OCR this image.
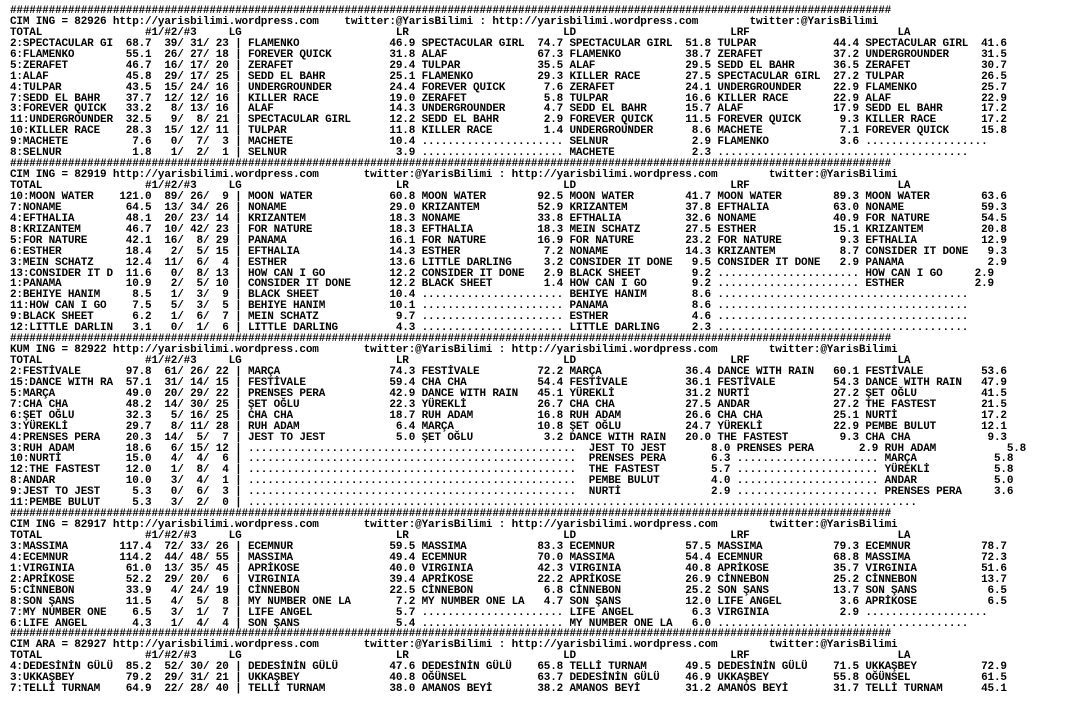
#########################################################################################################################################
CIM ING = 82926 http://yarisbilimi.wordpress.com    twitter:@YarisBilimi : http://yarisbilimi.wordpress.com        twitter:@YarisBilimi
TOTAL                #1/#2/#3     LG                        LR                        LD                        LRF                       LA
2:SPECTACULAR GI  68.7  39/ 31/ 23 | FLAMENKO              46.9 SPECTACULAR GIRL  74.7 SPECTACULAR GIRL  51.8 TULPAR            44.4 SPECTACULAR GIRL  41.6
6:FLAMENKO        55.1  26/ 27/ 18 | FOREVER QUICK         31.8 ALAF              67.3 FLAMENKO          38.7 ZERAFET           37.2 UNDERGROUNDER     31.5
5:ZERAFET         46.7  16/ 17/ 20 | ZERAFET               29.4 TULPAR            35.5 ALAF              29.5 SEDD EL BAHR      36.5 ZERAFET           30.7
1:ALAF            45.8  29/ 17/ 25 | SEDD EL BAHR          25.1 FLAMENKO          29.3 KILLER RACE       27.5 SPECTACULAR GIRL  27.2 TULPAR            26.5
4:TULPAR          43.5  15/ 24/ 16 | UNDERGROUNDER         24.4 FOREVER QUICK      7.6 ZERAFET           24.1 UNDERGROUNDER     22.9 FLAMENKO          25.7
7:SEDD EL BAHR    37.7  12/ 12/ 16 | KILLER RACE           19.0 ZERAFET            5.8 TULPAR            16.6 KILLER RACE       22.9 ALAF              22.9
3:FOREVER QUICK   33.2   8/ 13/ 16 | ALAF                  14.3 UNDERGROUNDER      4.7 SEDD EL BAHR      15.7 ALAF              17.9 SEDD EL BAHR      17.2
11:UNDERGROUNDER  32.5   9/  8/ 21 | SPECTACULAR GIRL      12.2 SEDD EL BAHR       2.9 FOREVER QUICK     11.5 FOREVER QUICK      9.3 KILLER RACE       17.2
10:KILLER RACE    28.3  15/ 12/ 11 | TULPAR                11.8 KILLER RACE        1.4 UNDERGROUNDER      8.6 MACHETE            7.1 FOREVER QUICK     15.8
9:MACHETE          7.6   0/  7/  3 | MACHETE               10.4 ...................... SELNUR             2.9 FLAMENKO           3.6 ...................
8:SELNUR           1.8   1/  2/  1 | SELNUR                 3.9 ...................... MACHETE            2.3 .......................................
#########################################################################################################################################
CIM ING = 82919 http://yarisbilimi.wordpress.com       twitter:@YarisBilimi : http://yarisbilimi.wordpress.com        twitter:@YarisBilimi
TOTAL                #1/#2/#3     LG                        LR                        LD                        LRF                       LA
10:MOON WATER    121.0  89/ 26/  9 | MOON WATER            60.8 MOON WATER        92.5 MOON WATER        41.7 MOON WATER        89.3 MOON WATER        63.6
7:NONAME          64.5  13/ 34/ 26 | NONAME                29.0 KRIZANTEM         52.9 KRIZANTEM         37.8 EFTHALIA          63.0 NONAME            59.3
4:EFTHALIA        48.1  20/ 23/ 14 | KRIZANTEM             18.3 NONAME            33.8 EFTHALIA          32.6 NONAME            40.9 FOR NATURE        54.5
8:KRIZANTEM       46.7  10/ 42/ 23 | FOR NATURE            18.3 EFTHALIA          18.3 MEIN SCHATZ       27.5 ESTHER            15.1 KRIZANTEM         20.8
5:FOR NATURE      42.1  16/  8/ 29 | PANAMA                16.1 FOR NATURE        16.9 FOR NATURE        23.2 FOR NATURE         9.3 EFTHALIA          12.9
6:ESTHER          18.4   2/  5/ 15 | EFTHALIA              14.3 ESTHER             7.2 NONAME            14.3 KRIZANTEM          8.7 CONSIDER IT DONE   9.3
3:MEIN SCHATZ     12.4  11/  6/  4 | ESTHER                13.6 LITTLE DARLING     3.2 CONSIDER IT DONE   9.5 CONSIDER IT DONE   2.9 PANAMA             2.9
13:CONSIDER IT D  11.6   0/  8/ 13 | HOW CAN I GO          12.2 CONSIDER IT DONE   2.9 BLACK SHEET        9.2 ...................... HOW CAN I GO     2.9
1:PANAMA          10.9   2/  5/ 10 | CONSIDER IT DONE      12.2 BLACK SHEET        1.4 HOW CAN I GO       9.2 ...................... ESTHER           2.9
2:BEHIYE HANIM     8.5   1/  3/  9 | BLACK SHEET           10.4 ...................... BEHIYE HANIM       8.6 .......................................
11:HOW CAN I GO    7.5   5/  3/  5 | BEHIYE HANIM          10.1 ...................... PANAMA             8.6 .......................................
9:BLACK SHEET      6.2   1/  6/  7 | MEIN SCHATZ            9.7 ...................... ESTHER             4.6 .......................................
12:LITTLE DARLIN   3.1   0/  1/  6 | LITTLE DARLING         4.3 ...................... LITTLE DARLING     2.3 .......................................
#########################################################################################################################################
KUM ING = 82922 http://yarisbilimi.wordpress.com       twitter:@YarisBilimi : http://yarisbilimi.wordpress.com        twitter:@YarisBilimi
TOTAL                #1/#2/#3     LG                        LR                        LD                        LRF                       LA
2:FESTİVALE       97.8  61/ 26/ 22 | MARÇA                 74.3 FESTİVALE         72.2 MARÇA             36.4 DANCE WITH RAIN   60.1 FESTİVALE         53.6
15:DANCE WITH RA  57.1  31/ 14/ 15 | FESTİVALE             59.4 CHA CHA           54.4 FESTİVALE         36.1 FESTİVALE         54.3 DANCE WITH RAIN   47.9
5:MARÇA           49.0  20/ 29/ 22 | PRENSES PERA          42.9 DANCE WITH RAIN   45.1 YÜREKLİ           31.2 NURTİ             27.2 ŞET OĞLU          41.5
7:CHA CHA         48.2  14/ 30/ 25 | ŞET OĞLU              22.3 YÜREKLİ           26.7 CHA CHA           27.5 ANDAR             27.2 THE FASTEST       21.5
6:ŞET OĞLU        32.3   5/ 16/ 25 | CHA CHA               18.7 RUH ADAM          16.8 RUH ADAM          26.6 CHA CHA           25.1 NURTİ             17.2
3:YÜREKLİ         29.7   8/ 11/ 28 | RUH ADAM               6.4 MARÇA             10.8 ŞET OĞLU          24.7 YÜREKLİ           22.9 PEMBE BULUT       12.1
4:PRENSES PERA    20.3  14/  5/  7 | JEST TO JEST           5.0 ŞET OĞLU           3.2 DANCE WITH RAIN   20.0 THE FASTEST        9.3 CHA CHA            9.3
3:RUH ADAM        18.6   6/ 15/ 12 | ...................................................  JEST TO JEST       8.0 PRENSES PERA       2.9 RUH ADAM           5.8
10:NURTİ          15.0   4/  4/  6 | ...................................................  PRENSES PERA       6.3 ...................... MARÇA            5.8
12:THE FASTEST    12.0   1/  8/  4 | ...................................................  THE FASTEST        5.7 ...................... YÜREKLİ          5.8
8:ANDAR           10.0   3/  4/  1 | ...................................................  PEMBE BULUT        4.0 ...................... ANDAR            5.0
9:JEST TO JEST     5.3   0/  6/  3 | ...................................................  NURTİ              2.9 ...................... PRENSES PERA     3.6
11:PEMBE BULUT     5.3   3/  2/  0 | ........................................................................................................
#########################################################################################################################################
CIM ING = 82917 http://yarisbilimi.wordpress.com       twitter:@YarisBilimi : http://yarisbilimi.wordpress.com        twitter:@YarisBilimi
TOTAL                #1/#2/#3     LG                        LR                        LD                        LRF                       LA
3:MASSIMA        117.4  72/ 33/ 26 | ECEMNUR               59.5 MASSIMA           83.3 ECEMNUR           57.5 MASSIMA           79.3 ECEMNUR           78.7
4:ECEMNUR        114.2  44/ 48/ 55 | MASSIMA               49.4 ECEMNUR           70.0 MASSIMA           54.4 ECEMNUR           68.8 MASSIMA           72.3
1:VIRGINIA        61.0  13/ 35/ 45 | APRİKOSE              40.0 VIRGINIA          42.3 VIRGINIA          40.8 APRİKOSE          35.7 VIRGINIA          51.6
2:APRİKOSE        52.2  29/ 20/  6 | VIRGINIA              39.4 APRİKOSE          22.2 APRİKOSE          26.9 CİNNEBON          25.2 CİNNEBON          13.7
5:CİNNEBON        33.9   4/ 24/ 19 | CİNNEBON              22.5 CİNNEBON           6.8 CİNNEBON          25.2 SON ŞANS          13.7 SON ŞANS           6.5
8:SON ŞANS        11.5   4/  5/  8 | MY NUMBER ONE LA       7.2 MY NUMBER ONE LA   4.7 SON ŞANS          12.0 LIFE ANGEL         3.6 APRİKOSE           6.5
7:MY NUMBER ONE    6.5   3/  1/  7 | LIFE ANGEL             5.7 ...................... LIFE ANGEL         6.3 VIRGINIA           2.9 ...................
6:LIFE ANGEL       4.3   1/  4/  4 | SON ŞANS               5.4 ...................... MY NUMBER ONE LA   6.0 .......................................
#########################################################################################################################################
CIM ARA = 82927 http://yarisbilimi.wordpress.com       twitter:@YarisBilimi : http://yarisbilimi.wordpress.com        twitter:@YarisBilimi
TOTAL                #1/#2/#3     LG                        LR                        LD                        LRF                       LA
4:DEDESİNİN GÜLÜ  85.2  52/ 30/ 20 | DEDESİNİN GÜLÜ        47.6 DEDESİNİN GÜLÜ    65.8 TELLİ TURNAM      49.5 DEDESİNİN GÜLÜ    71.5 UKKAŞBEY          72.9
3:UKKAŞBEY        79.2  29/ 31/ 21 | UKKAŞBEY              40.8 OĞÜNSEL           63.7 DEDESİNİN GÜLÜ    46.9 UKKAŞBEY          55.8 OĞÜNSEL           61.5
7:TELLİ TURNAM    64.9  22/ 28/ 40 | TELLİ TURNAM          38.0 AMANOS BEYİ       38.2 AMANOS BEYİ       31.2 AMANOS BEYİ       31.7 TELLİ TURNAM      45.1
